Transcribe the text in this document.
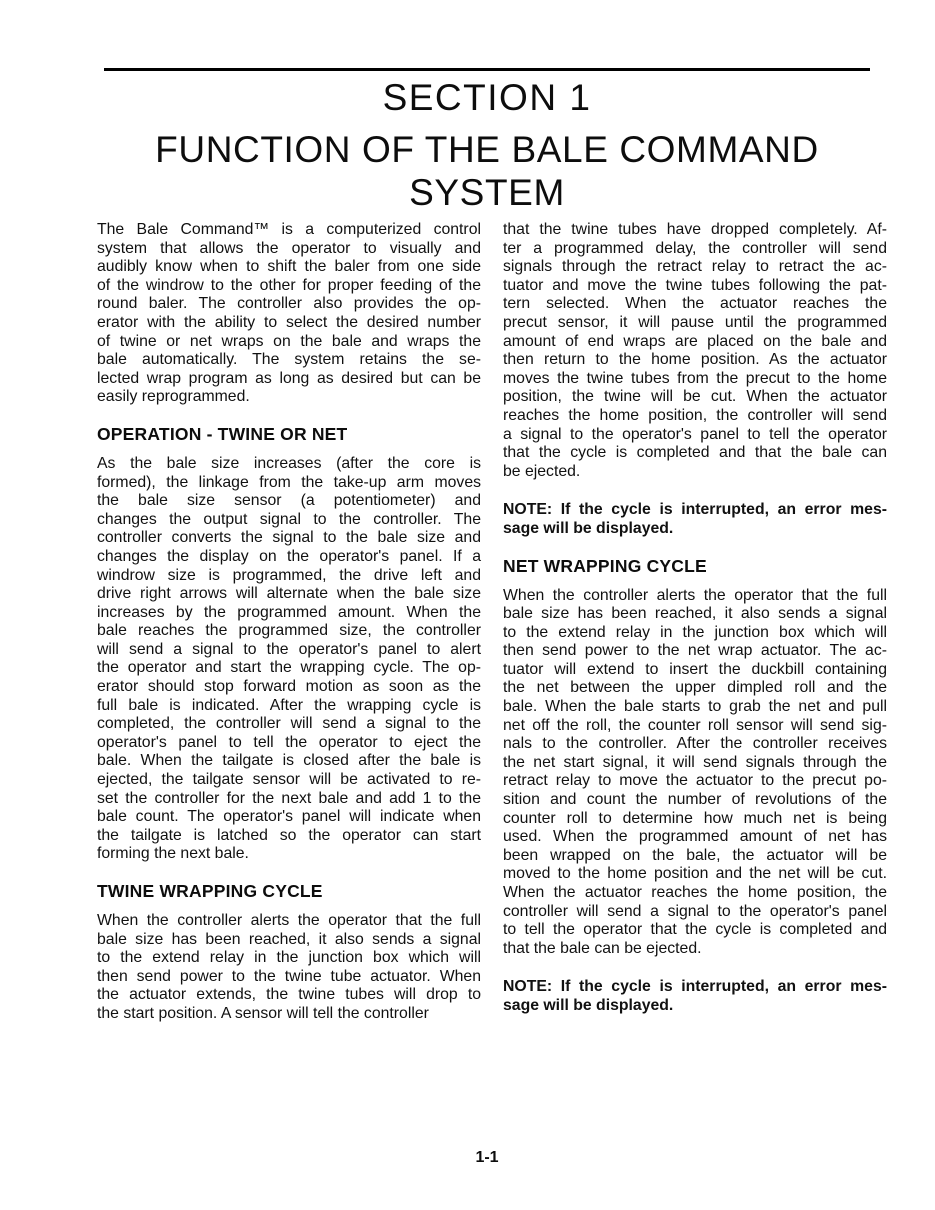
SECTION 1
FUNCTION OF THE BALE COMMAND
SYSTEM

The Bale Command™ is a computerized control
system that allows the operator to visually and
audibly know when to shift the baler from one side
of the windrow to the other for proper feeding of the
round baler. The controller also provides the op-
erator with the ability to select the desired number
of twine or net wraps on the bale and wraps the
bale automatically. The system retains the se-
lected wrap program as long as desired but can be
easily reprogrammed.

OPERATION - TWINE OR NET

As the bale size increases (after the core is
formed), the linkage from the take-up arm moves
the bale size sensor (a potentiometer) and
changes the output signal to the controller. The
controller converts the signal to the bale size and
changes the display on the operator's panel. If a
windrow size is programmed, the drive left and
drive right arrows will alternate when the bale size
increases by the programmed amount. When the
bale reaches the programmed size, the controller
will send a signal to the operator's panel to alert
the operator and start the wrapping cycle. The op-
erator should stop forward motion as soon as the
full bale is indicated. After the wrapping cycle is
completed, the controller will send a signal to the
operator's panel to tell the operator to eject the
bale. When the tailgate is closed after the bale is
ejected, the tailgate sensor will be activated to re-
set the controller for the next bale and add 1 to the
bale count. The operator's panel will indicate when
the tailgate is latched so the operator can start
forming the next bale.

TWINE WRAPPING CYCLE

When the controller alerts the operator that the full
bale size has been reached, it also sends a signal
to the extend relay in the junction box which will
then send power to the twine tube actuator. When
the actuator extends, the twine tubes will drop to
the start position. A sensor will tell the controller

that the twine tubes have dropped completely. Af-
ter a programmed delay, the controller will send
signals through the retract relay to retract the ac-
tuator and move the twine tubes following the pat-
tern selected. When the actuator reaches the
precut sensor, it will pause until the programmed
amount of end wraps are placed on the bale and
then return to the home position. As the actuator
moves the twine tubes from the precut to the home
position, the twine will be cut. When the actuator
reaches the home position, the controller will send
a signal to the operator's panel to tell the operator
that the cycle is completed and that the bale can
be ejected.

NOTE: If the cycle is interrupted, an error mes-
sage will be displayed.

NET WRAPPING CYCLE

When the controller alerts the operator that the full
bale size has been reached, it also sends a signal
to the extend relay in the junction box which will
then send power to the net wrap actuator. The ac-
tuator will extend to insert the duckbill containing
the net between the upper dimpled roll and the
bale. When the bale starts to grab the net and pull
net off the roll, the counter roll sensor will send sig-
nals to the controller. After the controller receives
the net start signal, it will send signals through the
retract relay to move the actuator to the precut po-
sition and count the number of revolutions of the
counter roll to determine how much net is being
used. When the programmed amount of net has
been wrapped on the bale, the actuator will be
moved to the home position and the net will be cut.
When the actuator reaches the home position, the
controller will send a signal to the operator's panel
to tell the operator that the cycle is completed and
that the bale can be ejected.

NOTE: If the cycle is interrupted, an error mes-
sage will be displayed.

1-1
